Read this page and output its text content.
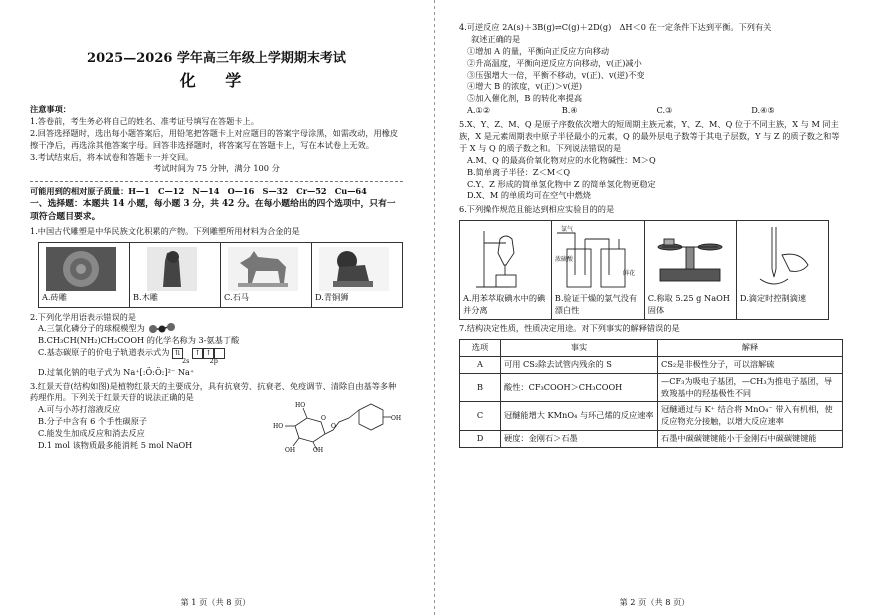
2025—2026 学年高三年级上学期期末考试

化 学

注意事项：

1.答卷前，考生务必将自己的姓名、准考证号填写在答题卡上。

2.回答选择题时，选出每小题答案后，用铅笔把答题卡上对应题目的答案字母涂黑，如需改动，用橡皮擦干净后，再选涂其他答案字母。回答非选择题时，将答案写在答题卡上，写在本试卷上无效。

3.考试结束后，将本试卷和答题卡一并交回。

考试时间为 75 分钟，满分 100 分

可能用到的相对原子质量：H—1　C—12　N—14　O—16　S—32　Cr—52　Cu—64

一、选择题：本题共 14 小题，每小题 3 分，共 42 分。在每小题给出的四个选项中，只有一项符合题目要求。

1.中国古代雕塑是中华民族文化积累的产物。下列雕塑所用材料为合金的是

A.砖雕	B.木雕	C.石马	D.青铜狮

2.下列化学用语表示错误的是

A.三氯化磷分子的球棍模型为

B.CH₃CH(NH₂)CH₂COOH 的化学名称为 3-氨基丁酸

C.基态碳原子的价电子轨道表示式为 ⇅ ↑ ↑

2s	2p

D.过氧化钠的电子式为 Na⁺[:Ö:Ö:]²⁻ Na⁺

3.红景天苷(结构如图)是植物红景天的主要成分，具有抗衰劳、抗衰老、免疫调节、清除自由基等多种药理作用。下列关于红景天苷的说法正确的是

A.可与小苏打溶液反应

B.分子中含有 6 个手性碳原子

C.能发生加成反应和消去反应

D.1 mol 该物质最多能消耗 5 mol NaOH

HO
HO
OH	OH
O
O
OH
第 1 页（共 8 页）

4.可逆反应 2A(s)＋3B(g)⇌C(g)＋2D(g)　ΔH＜0 在一定条件下达到平衡。下列有关

叙述正确的是

①增加 A 的量，平衡向正反应方向移动

②升高温度，平衡向逆反应方向移动，v(正)减小

③压强增大一倍，平衡不移动，v(正)、v(逆)不变

④增大 B 的浓度，v(正)＞v(逆)

⑤加入催化剂，B 的转化率提高

A.①②	B.④	C.③	D.④⑤

5.X、Y、Z、M、Q 是原子序数依次增大的短周期主族元素，Y、Z、M、Q 位于不同主族，X 与 M 同主族，X 是元素周期表中原子半径最小的元素，Q 的最外层电子数等于其电子层数，Y 与 Z 的质子数之和等于 X 与 Q 的质子数之和。下列说法错误的是

A.M、Q 的最高价氧化物对应的水化物碱性：M＞Q

B.简单离子半径：Z＜M＜Q

C.Y、Z 形成的简单氢化物中 Z 的简单氢化物更稳定

D.X、M 的单质均可在空气中燃烧

6.下列操作规范且能达到相应实验目的的是

A.用苯萃取碘水中的碘并分离	
氯气
浓硫酸
鲜花
B.验证干燥的氯气没有漂白性	
C.称取 5.25 g NaOH 固体	
D.滴定时控制滴速

7.结构决定性质，性质决定用途。对下列事实的解释错误的是

选项	事实	解释
A	可用 CS₂除去试管内残余的 S	CS₂是非极性分子，可以溶解硫
B	酸性：CF₃COOH＞CH₃COOH	—CF₃为吸电子基团，—CH₃为推电子基团，导致羧基中的羟基极性不同
C	冠醚能增大 KMnO₄ 与环己烯的反应速率	冠醚通过与 K⁺ 结合将 MnO₄⁻ 带入有机相，使反应物充分接触，以增大反应速率
D	硬度：金刚石＞石墨	石墨中碳碳键键能小于金刚石中碳碳键键能
第 2 页（共 8 页）
